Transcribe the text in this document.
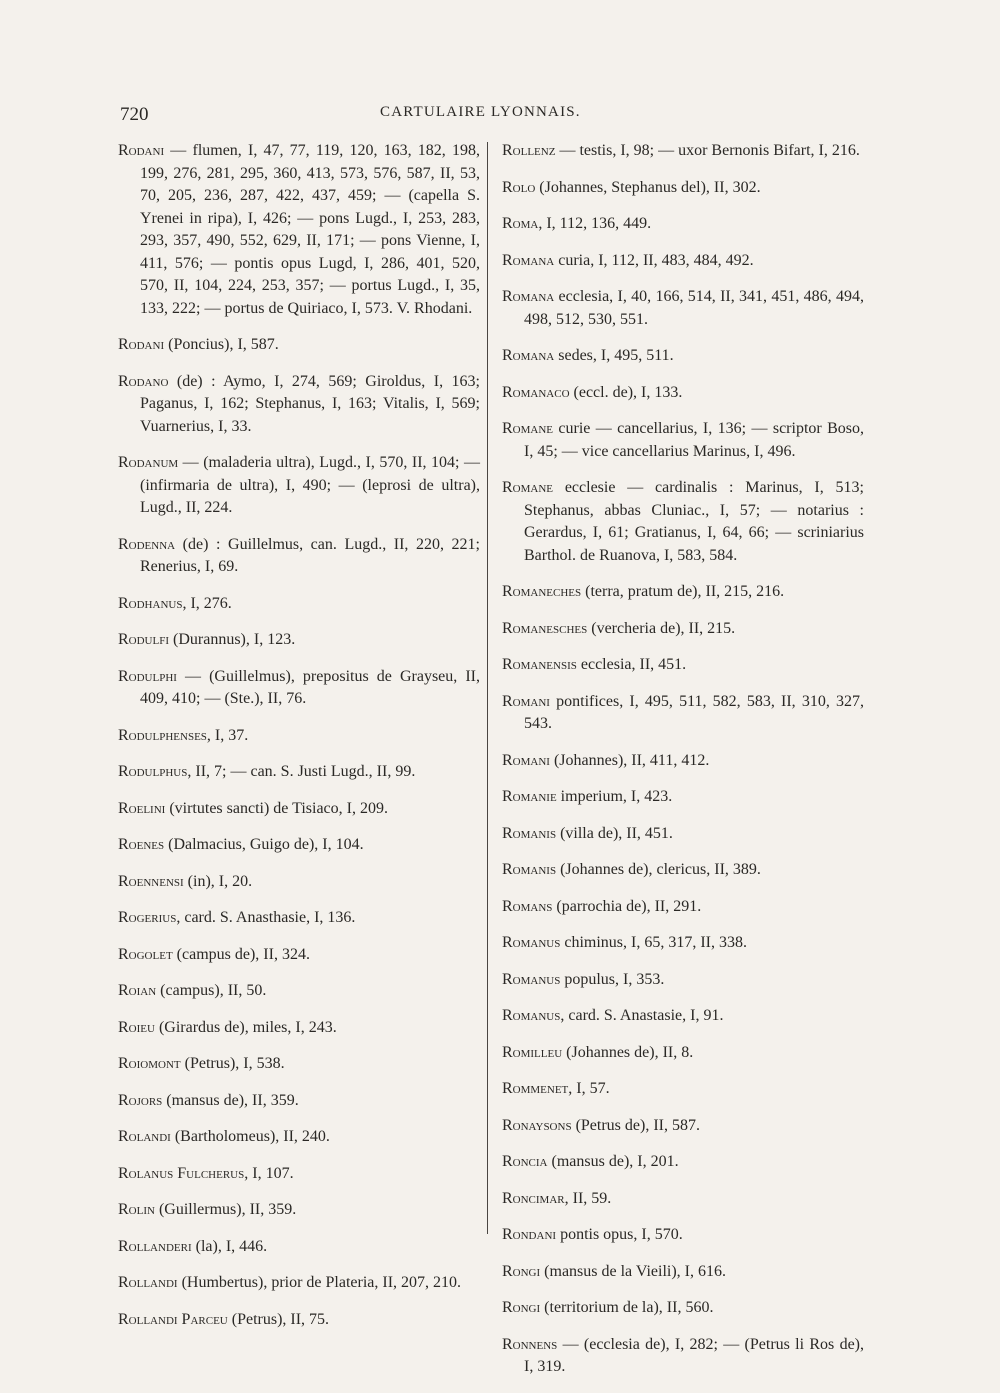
720	CARTULAIRE LYONNAIS.

Rodani — flumen, I, 47, 77, 119, 120, 163, 182, 198, 199, 276, 281, 295, 360, 413, 573, 576, 587, II, 53, 70, 205, 236, 287, 422, 437, 459; — (capella S. Yrenei in ripa), I, 426; — pons Lugd., I, 253, 283, 293, 357, 490, 552, 629, II, 171; — pons Vienne, I, 411, 576; — pontis opus Lugd, I, 286, 401, 520, 570, II, 104, 224, 253, 357; — portus Lugd., I, 35, 133, 222; — portus de Quiriaco, I, 573. V. Rhodani.

Rodani (Poncius), I, 587.

Rodano (de) : Aymo, I, 274, 569; Giroldus, I, 163; Paganus, I, 162; Stephanus, I, 163; Vitalis, I, 569; Vuarnerius, I, 33.

Rodanum — (maladeria ultra), Lugd., I, 570, II, 104; — (infirmaria de ultra), I, 490; — (leprosi de ultra), Lugd., II, 224.

Rodenna (de) : Guillelmus, can. Lugd., II, 220, 221; Renerius, I, 69.

Rodhanus, I, 276.

Rodulfi (Durannus), I, 123.

Rodulphi — (Guillelmus), prepositus de Grayseu, II, 409, 410; — (Ste.), II, 76.

Rodulphenses, I, 37.

Rodulphus, II, 7; — can. S. Justi Lugd., II, 99.

Roelini (virtutes sancti) de Tisiaco, I, 209.

Roenes (Dalmacius, Guigo de), I, 104.

Roennensi (in), I, 20.

Rogerius, card. S. Anasthasie, I, 136.

Rogolet (campus de), II, 324.

Roian (campus), II, 50.

Roieu (Girardus de), miles, I, 243.

Roiomont (Petrus), I, 538.

Rojors (mansus de), II, 359.

Rolandi (Bartholomeus), II, 240.

Rolanus Fulcherus, I, 107.

Rolin (Guillermus), II, 359.

Rollanderi (la), I, 446.

Rollandi (Humbertus), prior de Plateria, II, 207, 210.

Rollandi Parceu (Petrus), II, 75.

Rollenz — testis, I, 98; — uxor Bernonis Bifart, I, 216.

Rolo (Johannes, Stephanus del), II, 302.

Roma, I, 112, 136, 449.

Romana curia, I, 112, II, 483, 484, 492.

Romana ecclesia, I, 40, 166, 514, II, 341, 451, 486, 494, 498, 512, 530, 551.

Romana sedes, I, 495, 511.

Romanaco (eccl. de), I, 133.

Romane curie — cancellarius, I, 136; — scriptor Boso, I, 45; — vice cancellarius Marinus, I, 496.

Romane ecclesie — cardinalis : Marinus, I, 513; Stephanus, abbas Cluniac., I, 57; — notarius : Gerardus, I, 61; Gratianus, I, 64, 66; — scriniarius Barthol. de Ruanova, I, 583, 584.

Romaneches (terra, pratum de), II, 215, 216.

Romanesches (vercheria de), II, 215.

Romanensis ecclesia, II, 451.

Romani pontifices, I, 495, 511, 582, 583, II, 310, 327, 543.

Romani (Johannes), II, 411, 412.

Romanie imperium, I, 423.

Romanis (villa de), II, 451.

Romanis (Johannes de), clericus, II, 389.

Romans (parrochia de), II, 291.

Romanus chiminus, I, 65, 317, II, 338.

Romanus populus, I, 353.

Romanus, card. S. Anastasie, I, 91.

Romilleu (Johannes de), II, 8.

Rommenet, I, 57.

Ronaysons (Petrus de), II, 587.

Roncia (mansus de), I, 201.

Roncimar, II, 59.

Rondani pontis opus, I, 570.

Rongi (mansus de la Vieili), I, 616.

Rongi (territorium de la), II, 560.

Ronnens — (ecclesia de), I, 282; — (Petrus li Ros de), I, 319.
